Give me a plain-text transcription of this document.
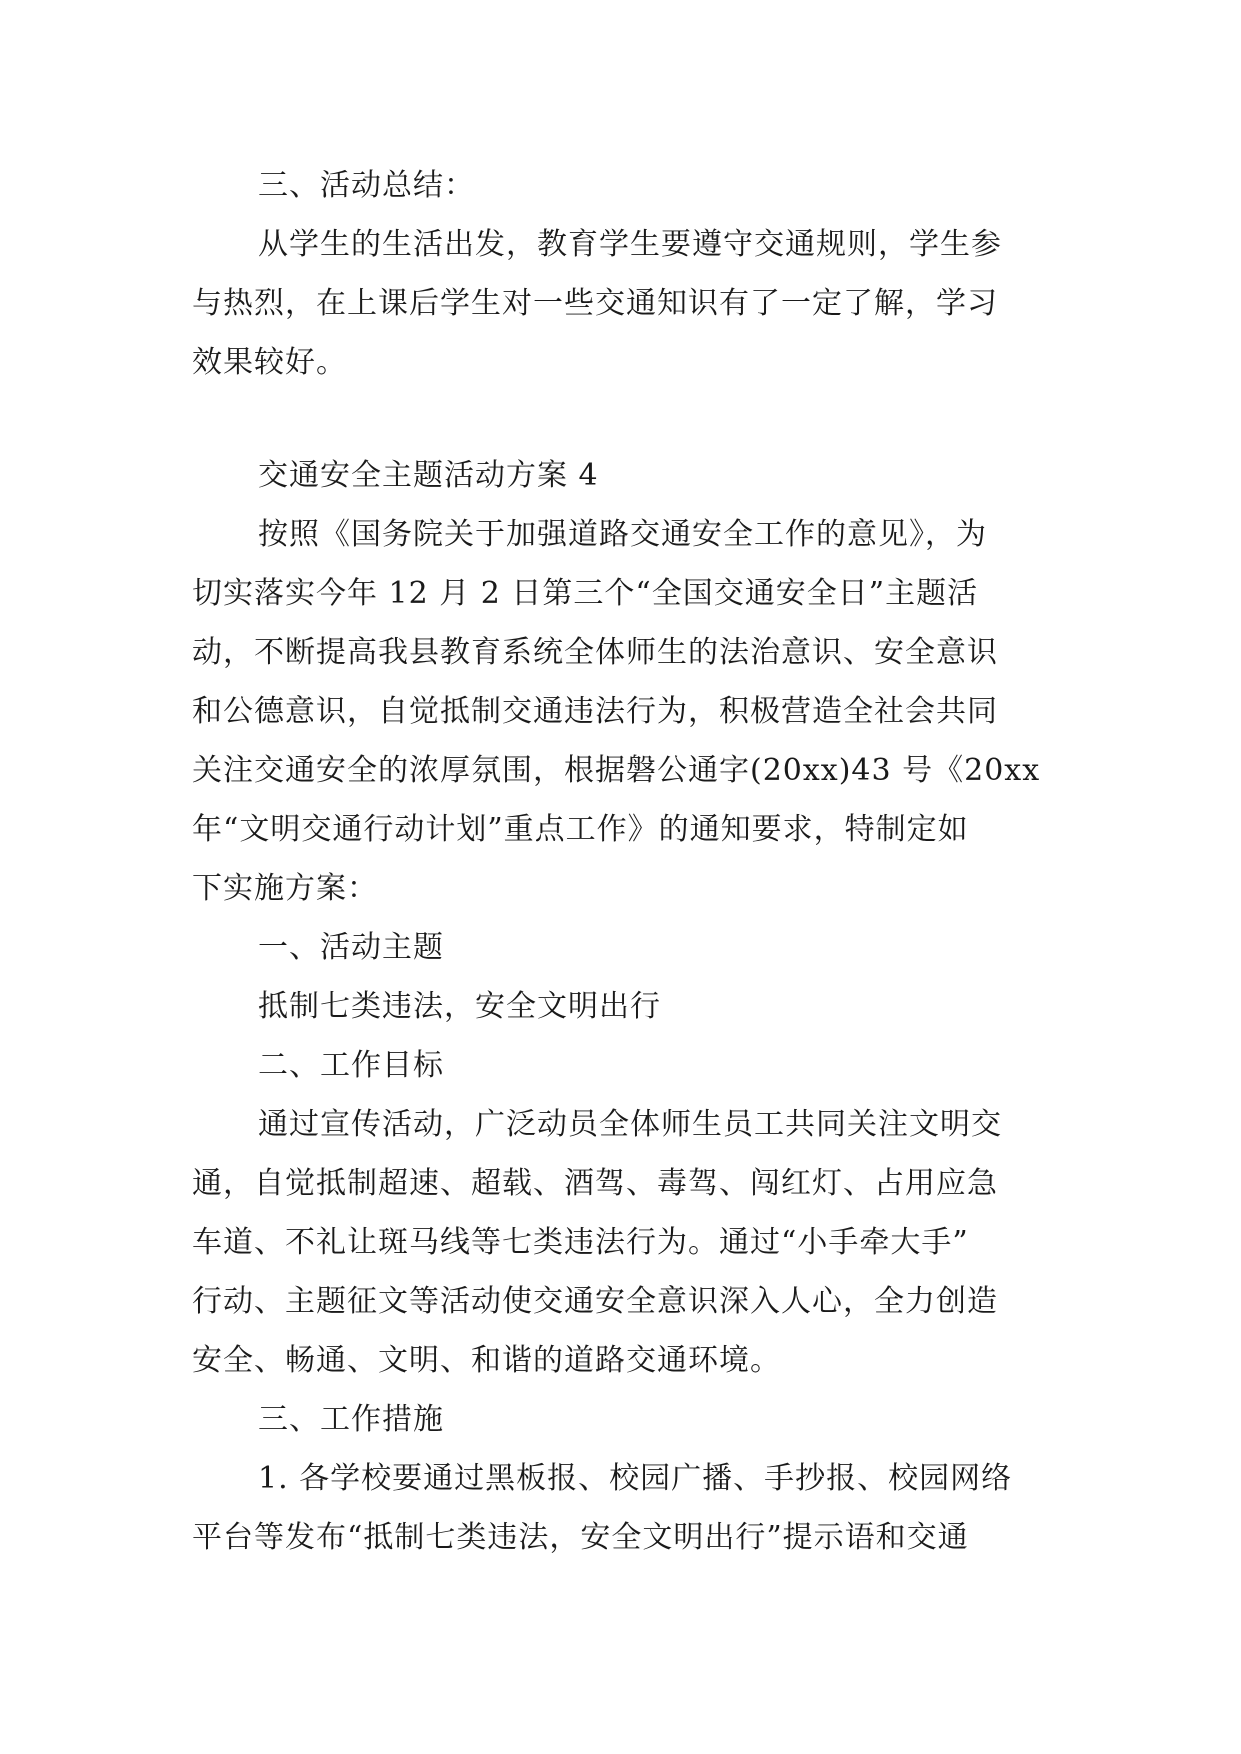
三、活动总结：
从学生的生活出发，教育学生要遵守交通规则，学生参
与热烈，在上课后学生对一些交通知识有了一定了解，学习
效果较好。
交通安全主题活动方案 4
按照《国务院关于加强道路交通安全工作的意见》，为
切实落实今年 12 月 2 日第三个“全国交通安全日”主题活
动，不断提高我县教育系统全体师生的法治意识、安全意识
和公德意识，自觉抵制交通违法行为，积极营造全社会共同
关注交通安全的浓厚氛围，根据磐公通字(20xx)43 号《20xx
年“文明交通行动计划”重点工作》的通知要求，特制定如
下实施方案：
一、活动主题
抵制七类违法，安全文明出行
二、工作目标
通过宣传活动，广泛动员全体师生员工共同关注文明交
通，自觉抵制超速、超载、酒驾、毒驾、闯红灯、占用应急
车道、不礼让斑马线等七类违法行为。通过“小手牵大手”
行动、主题征文等活动使交通安全意识深入人心，全力创造
安全、畅通、文明、和谐的道路交通环境。
三、工作措施
1. 各学校要通过黑板报、校园广播、手抄报、校园网络
平台等发布“抵制七类违法，安全文明出行”提示语和交通
